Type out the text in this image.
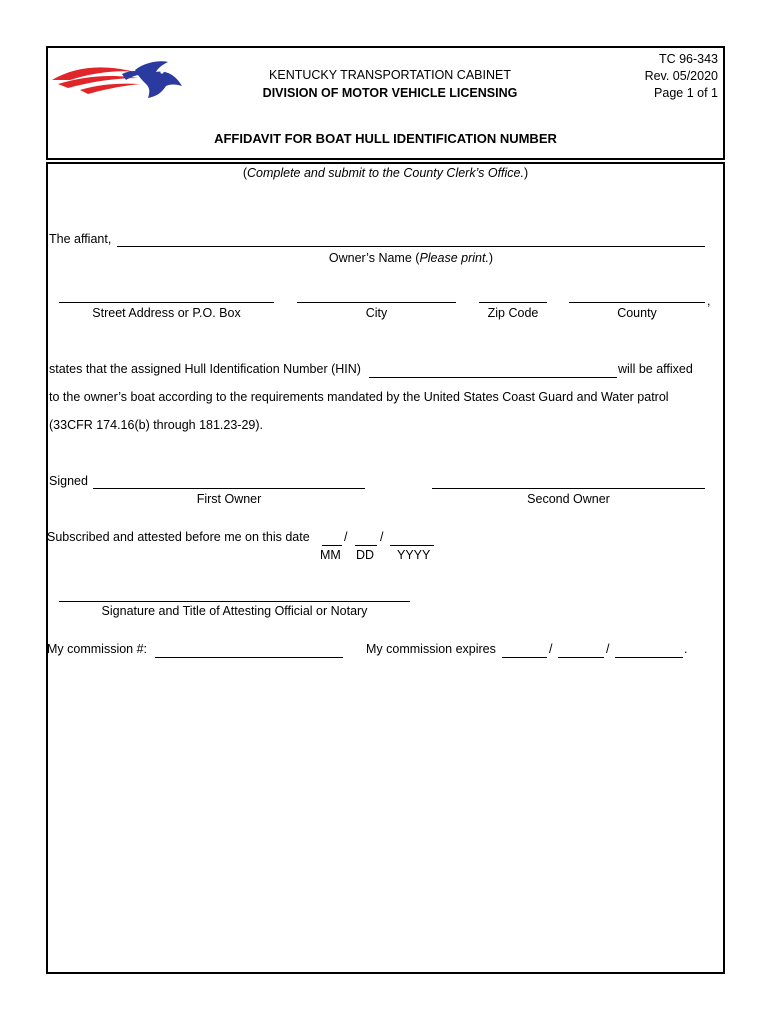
KENTUCKY TRANSPORTATION CABINET
DIVISION OF MOTOR VEHICLE LICENSING
TC 96-343
Rev. 05/2020
Page 1 of 1
AFFIDAVIT FOR BOAT HULL IDENTIFICATION NUMBER
(Complete and submit to the County Clerk’s Office.)
The affiant,
Owner’s Name (Please print.)
,
Street Address or P.O. Box	City	Zip Code	County
states that the assigned Hull Identification Number (HIN)	will be affixed
to the owner’s boat according to the requirements mandated by the United States Coast Guard and Water patrol
(33CFR 174.16(b) through 181.23-29).
Signed
First Owner	Second Owner
Subscribed and attested before me on this date	/	/
MM DD YYYY
Signature and Title of Attesting Official or Notary
My commission #:	My commission expires	/	/	.
